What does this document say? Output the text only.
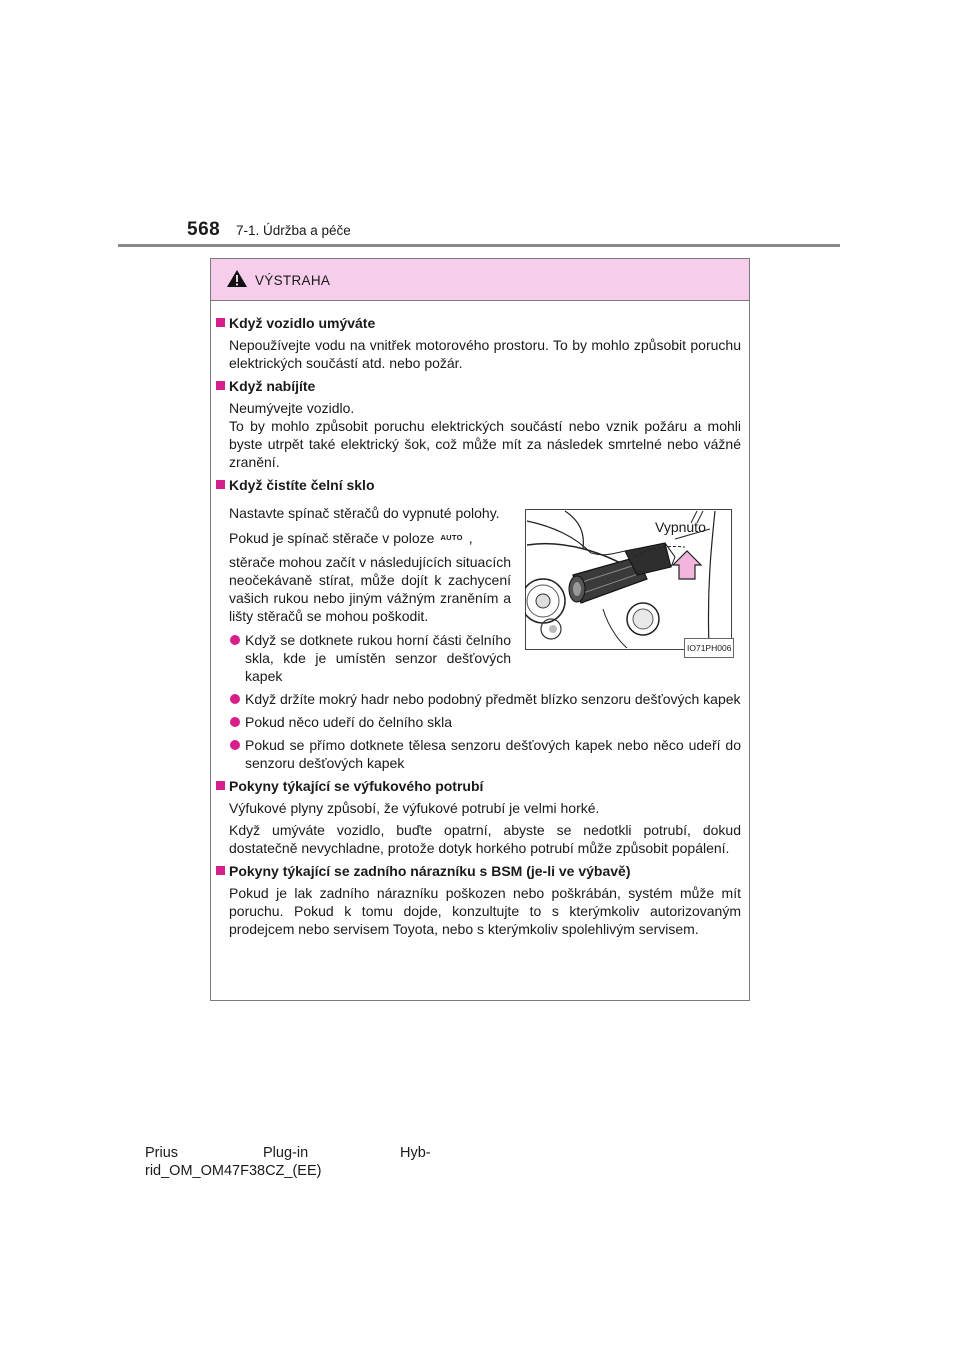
568 7-1. Údržba a péče
VÝSTRAHA
Když vozidlo umýváte
Nepoužívejte vodu na vnitřek motorového prostoru. To by mohlo způsobit poruchu elektrických součástí atd. nebo požár.
Když nabíjíte
Neumývejte vozidlo.
To by mohlo způsobit poruchu elektrických součástí nebo vznik požáru a mohli byste utrpět také elektrický šok, což může mít za následek smrtelné nebo vážné zranění.
Když čistíte čelní sklo
Nastavte spínač stěračů do vypnuté polohy.
Pokud je spínač stěrače v poloze AUTO ,
stěrače mohou začít v následujících situacích neočekávaně stírat, může dojít k zachycení vašich rukou nebo jiným vážným zraněním a lišty stěračů se mohou poškodit.
Když se dotknete rukou horní části čelního skla, kde je umístěn senzor dešťových kapek
Vypnuto
IO71PH006
Když držíte mokrý hadr nebo podobný předmět blízko senzoru dešťových kapek
Pokud něco udeří do čelního skla
Pokud se přímo dotknete tělesa senzoru dešťových kapek nebo něco udeří do senzoru dešťových kapek
Pokyny týkající se výfukového potrubí
Výfukové plyny způsobí, že výfukové potrubí je velmi horké.
Když umýváte vozidlo, buďte opatrní, abyste se nedotkli potrubí, dokud dostatečně nevychladne, protože dotyk horkého potrubí může způsobit popálení.
Pokyny týkající se zadního nárazníku s BSM (je-li ve výbavě)
Pokud je lak zadního nárazníku poškozen nebo poškrábán, systém může mít poruchu. Pokud k tomu dojde, konzultujte to s kterýmkoliv autorizovaným prodejcem nebo servisem Toyota, nebo s kterýmkoliv spolehlivým servisem.
Prius	Plug-in	Hyb-
rid_OM_OM47F38CZ_(EE)
